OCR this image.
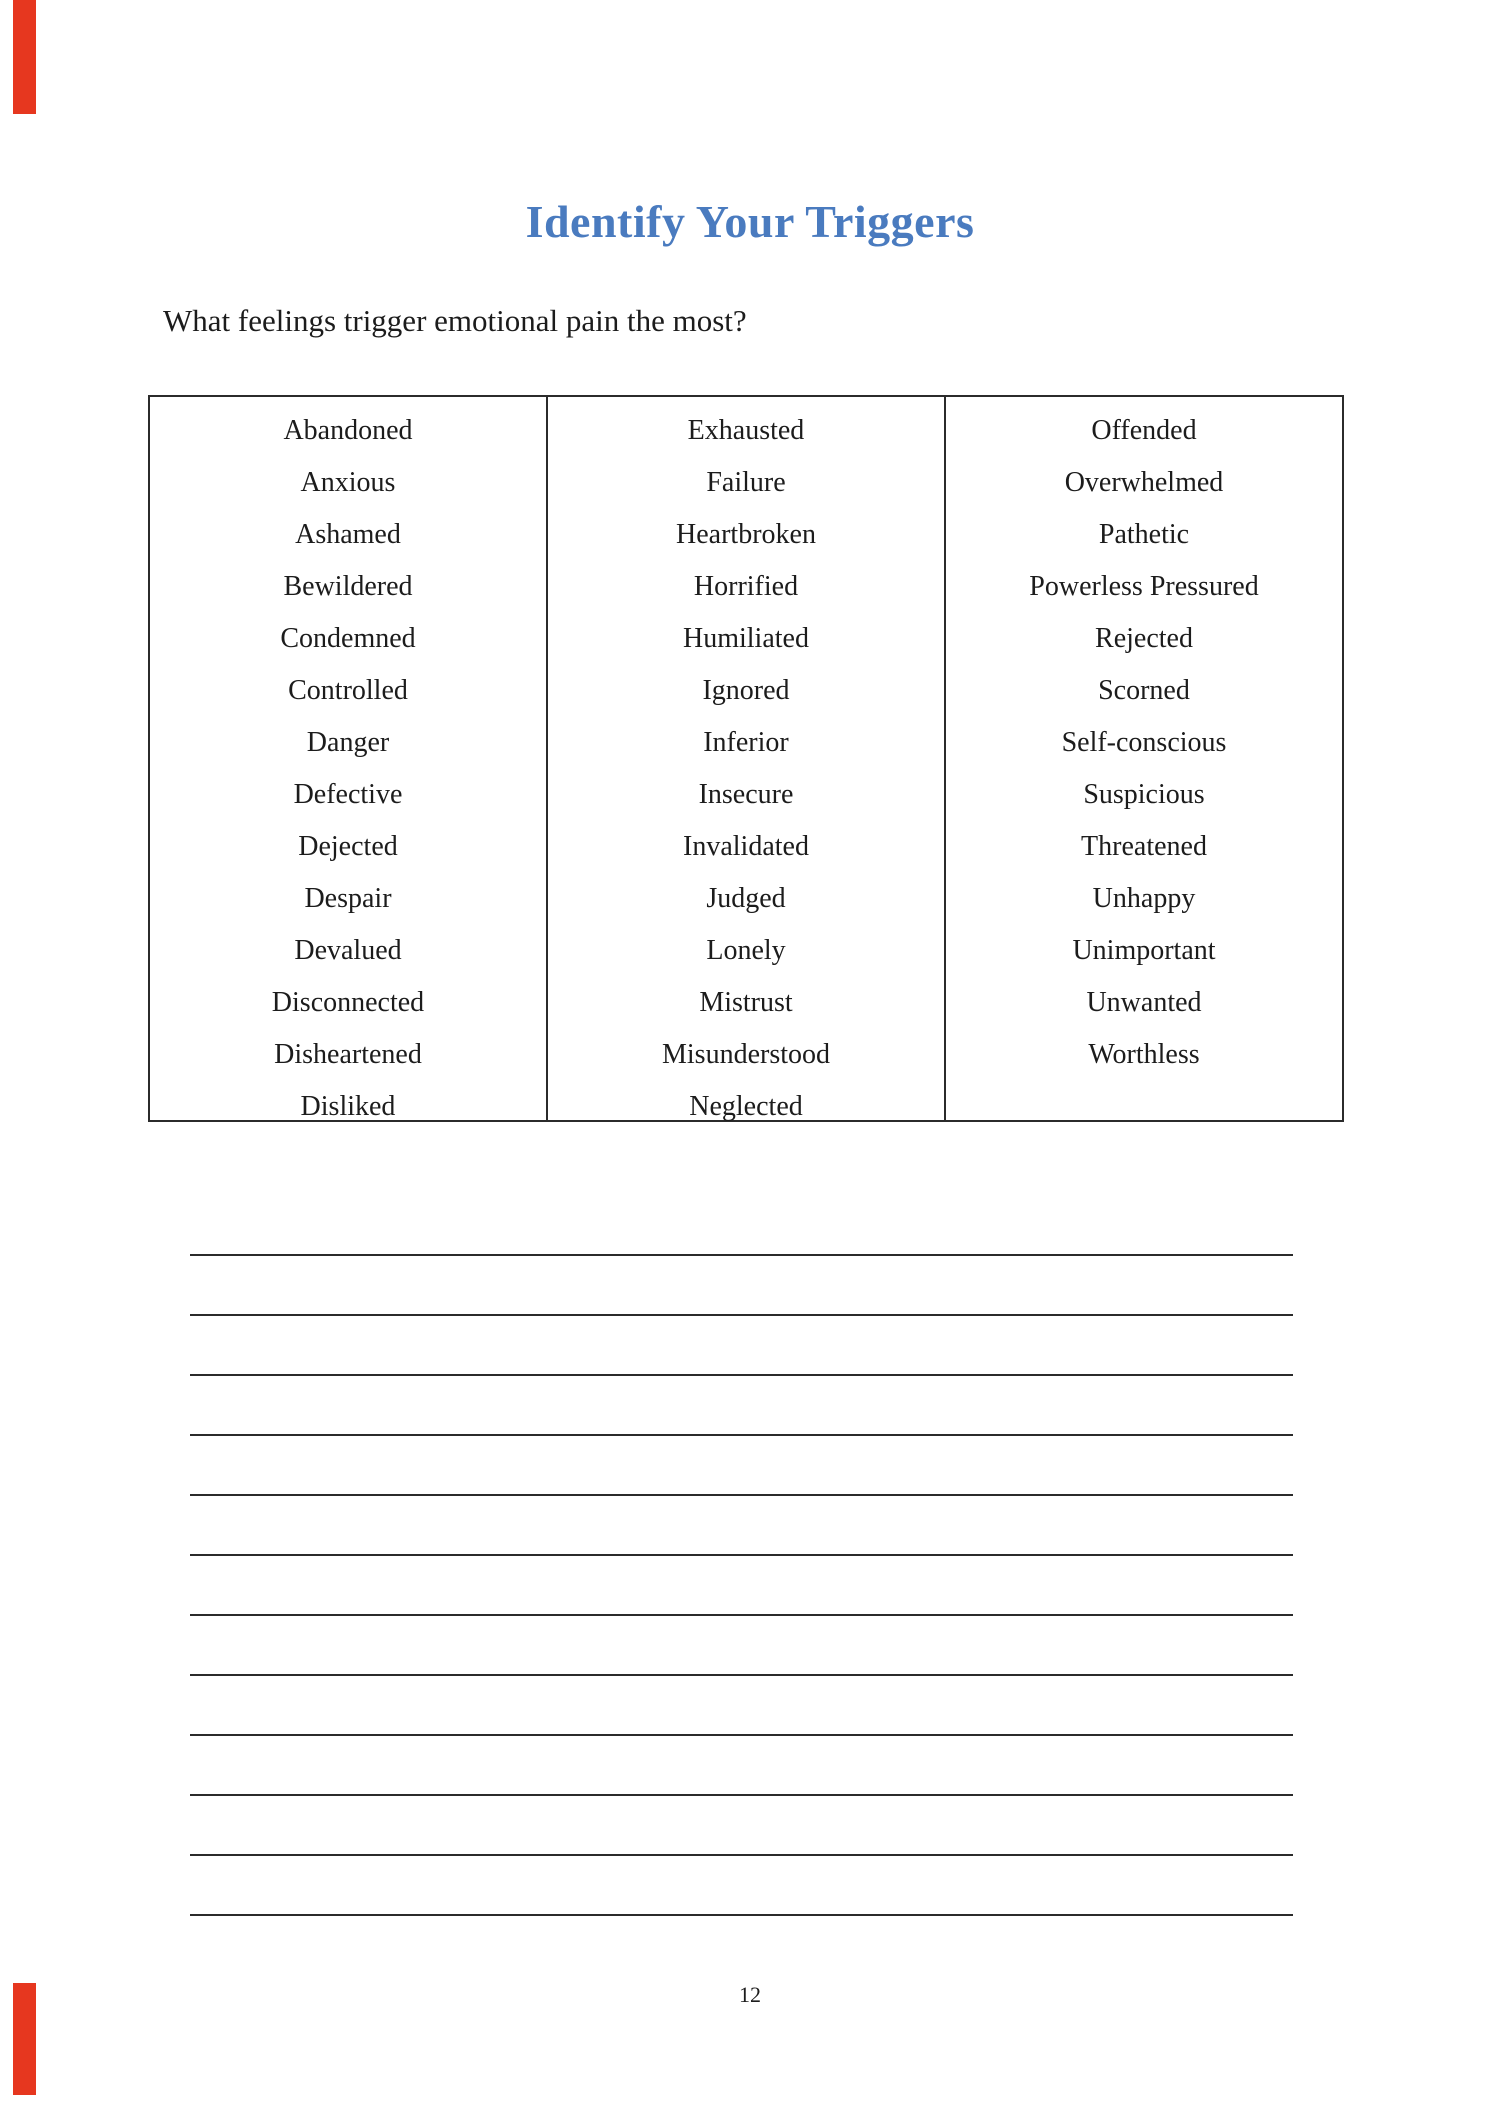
Identify Your Triggers
What feelings trigger emotional pain the most?
Abandoned
Anxious
Ashamed
Bewildered
Condemned
Controlled
Danger
Defective
Dejected
Despair
Devalued
Disconnected
Disheartened
Disliked
Exhausted
Failure
Heartbroken
Horrified
Humiliated
Ignored
Inferior
Insecure
Invalidated
Judged
Lonely
Mistrust
Misunderstood
Neglected
Offended
Overwhelmed
Pathetic
Powerless Pressured
Rejected
Scorned
Self-conscious
Suspicious
Threatened
Unhappy
Unimportant
Unwanted
Worthless
12
